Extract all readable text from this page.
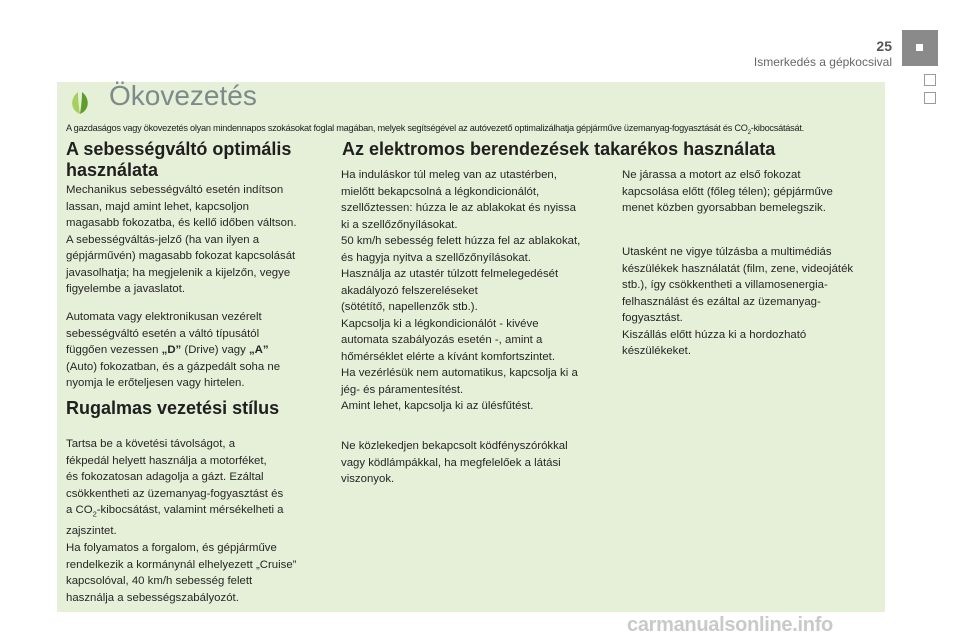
25
Ismerkedés a gépkocsival
Ökovezetés
A gazdaságos vagy ökovezetés olyan mindennapos szokásokat foglal magában, melyek segítségével az autóvezető optimalizálhatja gépjárműve üzemanyag-fogyasztását és $CO_2$-kibocsátását.
A sebességváltó optimális használata

Mechanikus sebességváltó esetén indítson
lassan, majd amint lehet, kapcsoljon
magasabb fokozatba, és kellő időben váltson.
A sebességváltás-jelző (ha van ilyen a
gépjárművén) magasabb fokozat kapcsolását
javasolhatja; ha megjelenik a kijelzőn, vegye
figyelembe a javaslatot.

Automata vagy elektronikusan vezérelt
sebességváltó esetén a váltó típusától
függően vezessen „D” (Drive) vagy „A”
(Auto) fokozatban, és a gázpedált soha ne
nyomja le erőteljesen vagy hirtelen.

Rugalmas vezetési stílus

Tartsa be a követési távolságot, a
fékpedál helyett használja a motorféket,
és fokozatosan adagolja a gázt. Ezáltal
csökkentheti az üzemanyag-fogyasztást és
a $CO_2$-kibocsátást, valamint mérsékelheti a
zajszintet.

Ha folyamatos a forgalom, és gépjárműve
rendelkezik a kormánynál elhelyezett „Cruise”
kapcsolóval, 40 km/h sebesség felett
használja a sebességszabályozót.

Az elektromos berendezések takarékos használata

Ha induláskor túl meleg van az utastérben,
mielőtt bekapcsolná a légkondicionálót,
szellőztessen: húzza le az ablakokat és nyissa
ki a szellőzőnyílásokat.
50 km/h sebesség felett húzza fel az ablakokat,
és hagyja nyitva a szellőzőnyílásokat.
Használja az utastér túlzott felmelegedését
akadályozó felszereléseket
(sötétítő, napellenzők stb.).
Kapcsolja ki a légkondicionálót - kivéve
automata szabályozás esetén -, amint a
hőmérséklet elérte a kívánt komfortszintet.
Ha vezérlésük nem automatikus, kapcsolja ki a
jég- és páramentesítést.
Amint lehet, kapcsolja ki az ülésfűtést.

Ne közlekedjen bekapcsolt ködfényszórókkal
vagy ködlámpákkal, ha megfelelőek a látási
viszonyok.

Ne járassa a motort az első fokozat
kapcsolása előtt (főleg télen); gépjárműve
menet közben gyorsabban bemelegszik.

Utasként ne vigye túlzásba a multimédiás
készülékek használatát (film, zene, videojáték
stb.), így csökkentheti a villamosenergia-
felhasználást és ezáltal az üzemanyag-
fogyasztást.
Kiszállás előtt húzza ki a hordozható
készülékeket.

carmanualsonline.info
